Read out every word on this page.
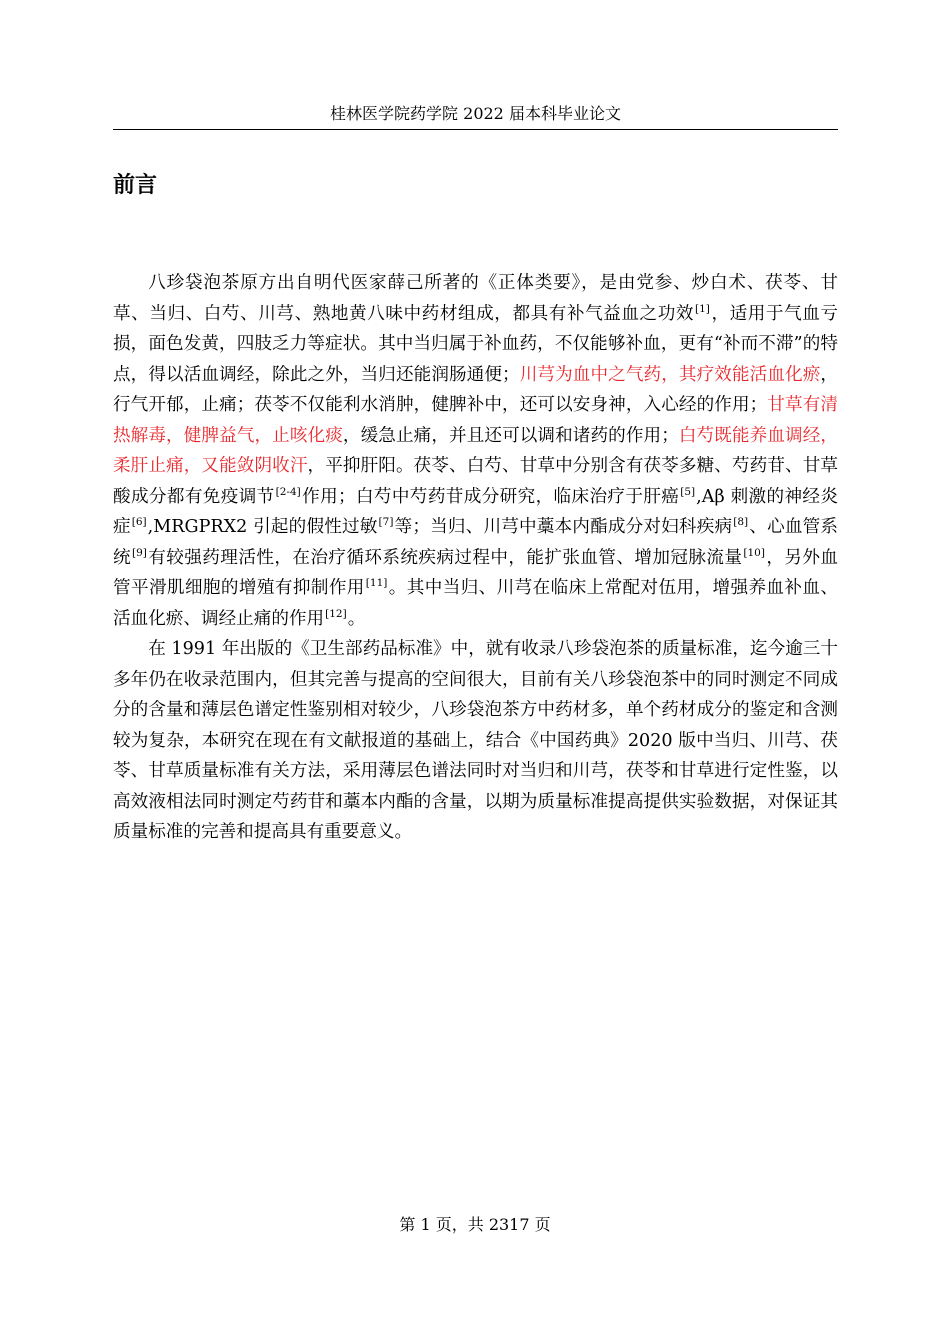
桂林医学院药学院 2022 届本科毕业论文
前言

八珍袋泡茶原方出自明代医家薛己所著的《正体类要》，是由党参、炒白术、茯苓、甘草、当归、白芍、川芎、熟地黄八味中药材组成，都具有补气益血之功效[1]，适用于气血亏损，面色发黄，四肢乏力等症状。其中当归属于补血药，不仅能够补血，更有“补而不滞”的特点，得以活血调经，除此之外，当归还能润肠通便；川芎为血中之气药，其疗效能活血化瘀，行气开郁，止痛；茯苓不仅能利水消肿，健脾补中，还可以安身神，入心经的作用；甘草有清热解毒，健脾益气，止咳化痰，缓急止痛，并且还可以调和诸药的作用；白芍既能养血调经，柔肝止痛，又能敛阴收汗，平抑肝阳。茯苓、白芍、甘草中分别含有茯苓多糖、芍药苷、甘草酸成分都有免疫调节[2-4]作用；白芍中芍药苷成分研究，临床治疗于肝癌[5],Aβ 刺激的神经炎症[6],MRGPRX2 引起的假性过敏[7]等；当归、川芎中藁本内酯成分对妇科疾病[8]、心血管系统[9]有较强药理活性，在治疗循环系统疾病过程中，能扩张血管、增加冠脉流量[10]，另外血管平滑肌细胞的增殖有抑制作用[11]。其中当归、川芎在临床上常配对伍用，增强养血补血、活血化瘀、调经止痛的作用[12]。

在 1991 年出版的《卫生部药品标准》中，就有收录八珍袋泡茶的质量标准，迄今逾三十多年仍在收录范围内，但其完善与提高的空间很大，目前有关八珍袋泡茶中的同时测定不同成分的含量和薄层色谱定性鉴别相对较少，八珍袋泡茶方中药材多，单个药材成分的鉴定和含测较为复杂，本研究在现在有文献报道的基础上，结合《中国药典》2020 版中当归、川芎、茯苓、甘草质量标准有关方法，采用薄层色谱法同时对当归和川芎，茯苓和甘草进行定性鉴，以高效液相法同时测定芍药苷和藁本内酯的含量，以期为质量标准提高提供实验数据，对保证其质量标准的完善和提高具有重要意义。

第 1 页，共 2317 页
